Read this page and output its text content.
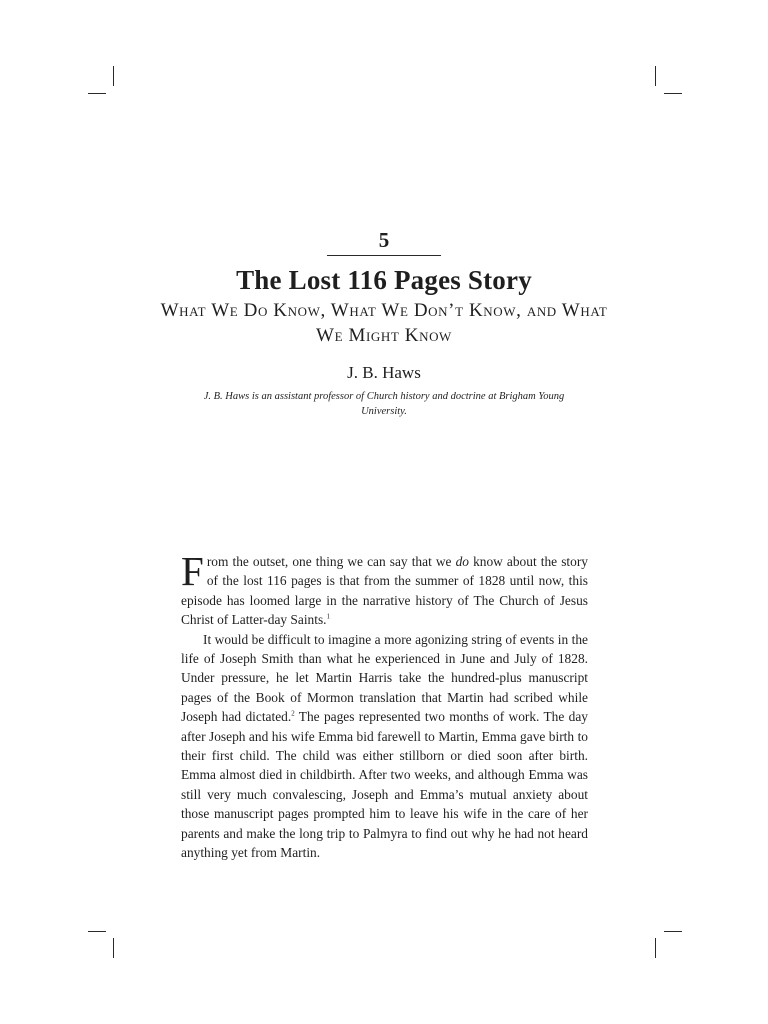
5
The Lost 116 Pages Story
What We Do Know, What We Don’t Know, and What We Might Know
J. B. Haws
J. B. Haws is an assistant professor of Church history and doctrine at Brigham Young University.

From the outset, one thing we can say that we do know about the story of the lost 116 pages is that from the summer of 1828 until now, this episode has loomed large in the narrative history of The Church of Jesus Christ of Latter-day Saints.$^1$

It would be difficult to imagine a more agonizing string of events in the life of Joseph Smith than what he experienced in June and July of 1828. Under pressure, he let Martin Harris take the hundred-plus manuscript pages of the Book of Mormon translation that Martin had scribed while Joseph had dictated.$^2$ The pages represented two months of work. The day after Joseph and his wife Emma bid farewell to Martin, Emma gave birth to their first child. The child was either stillborn or died soon after birth. Emma almost died in childbirth. After two weeks, and although Emma was still very much convalescing, Joseph and Emma’s mutual anxiety about those manuscript pages prompted him to leave his wife in the care of her parents and make the long trip to Palmyra to find out why he had not heard anything yet from Martin.
